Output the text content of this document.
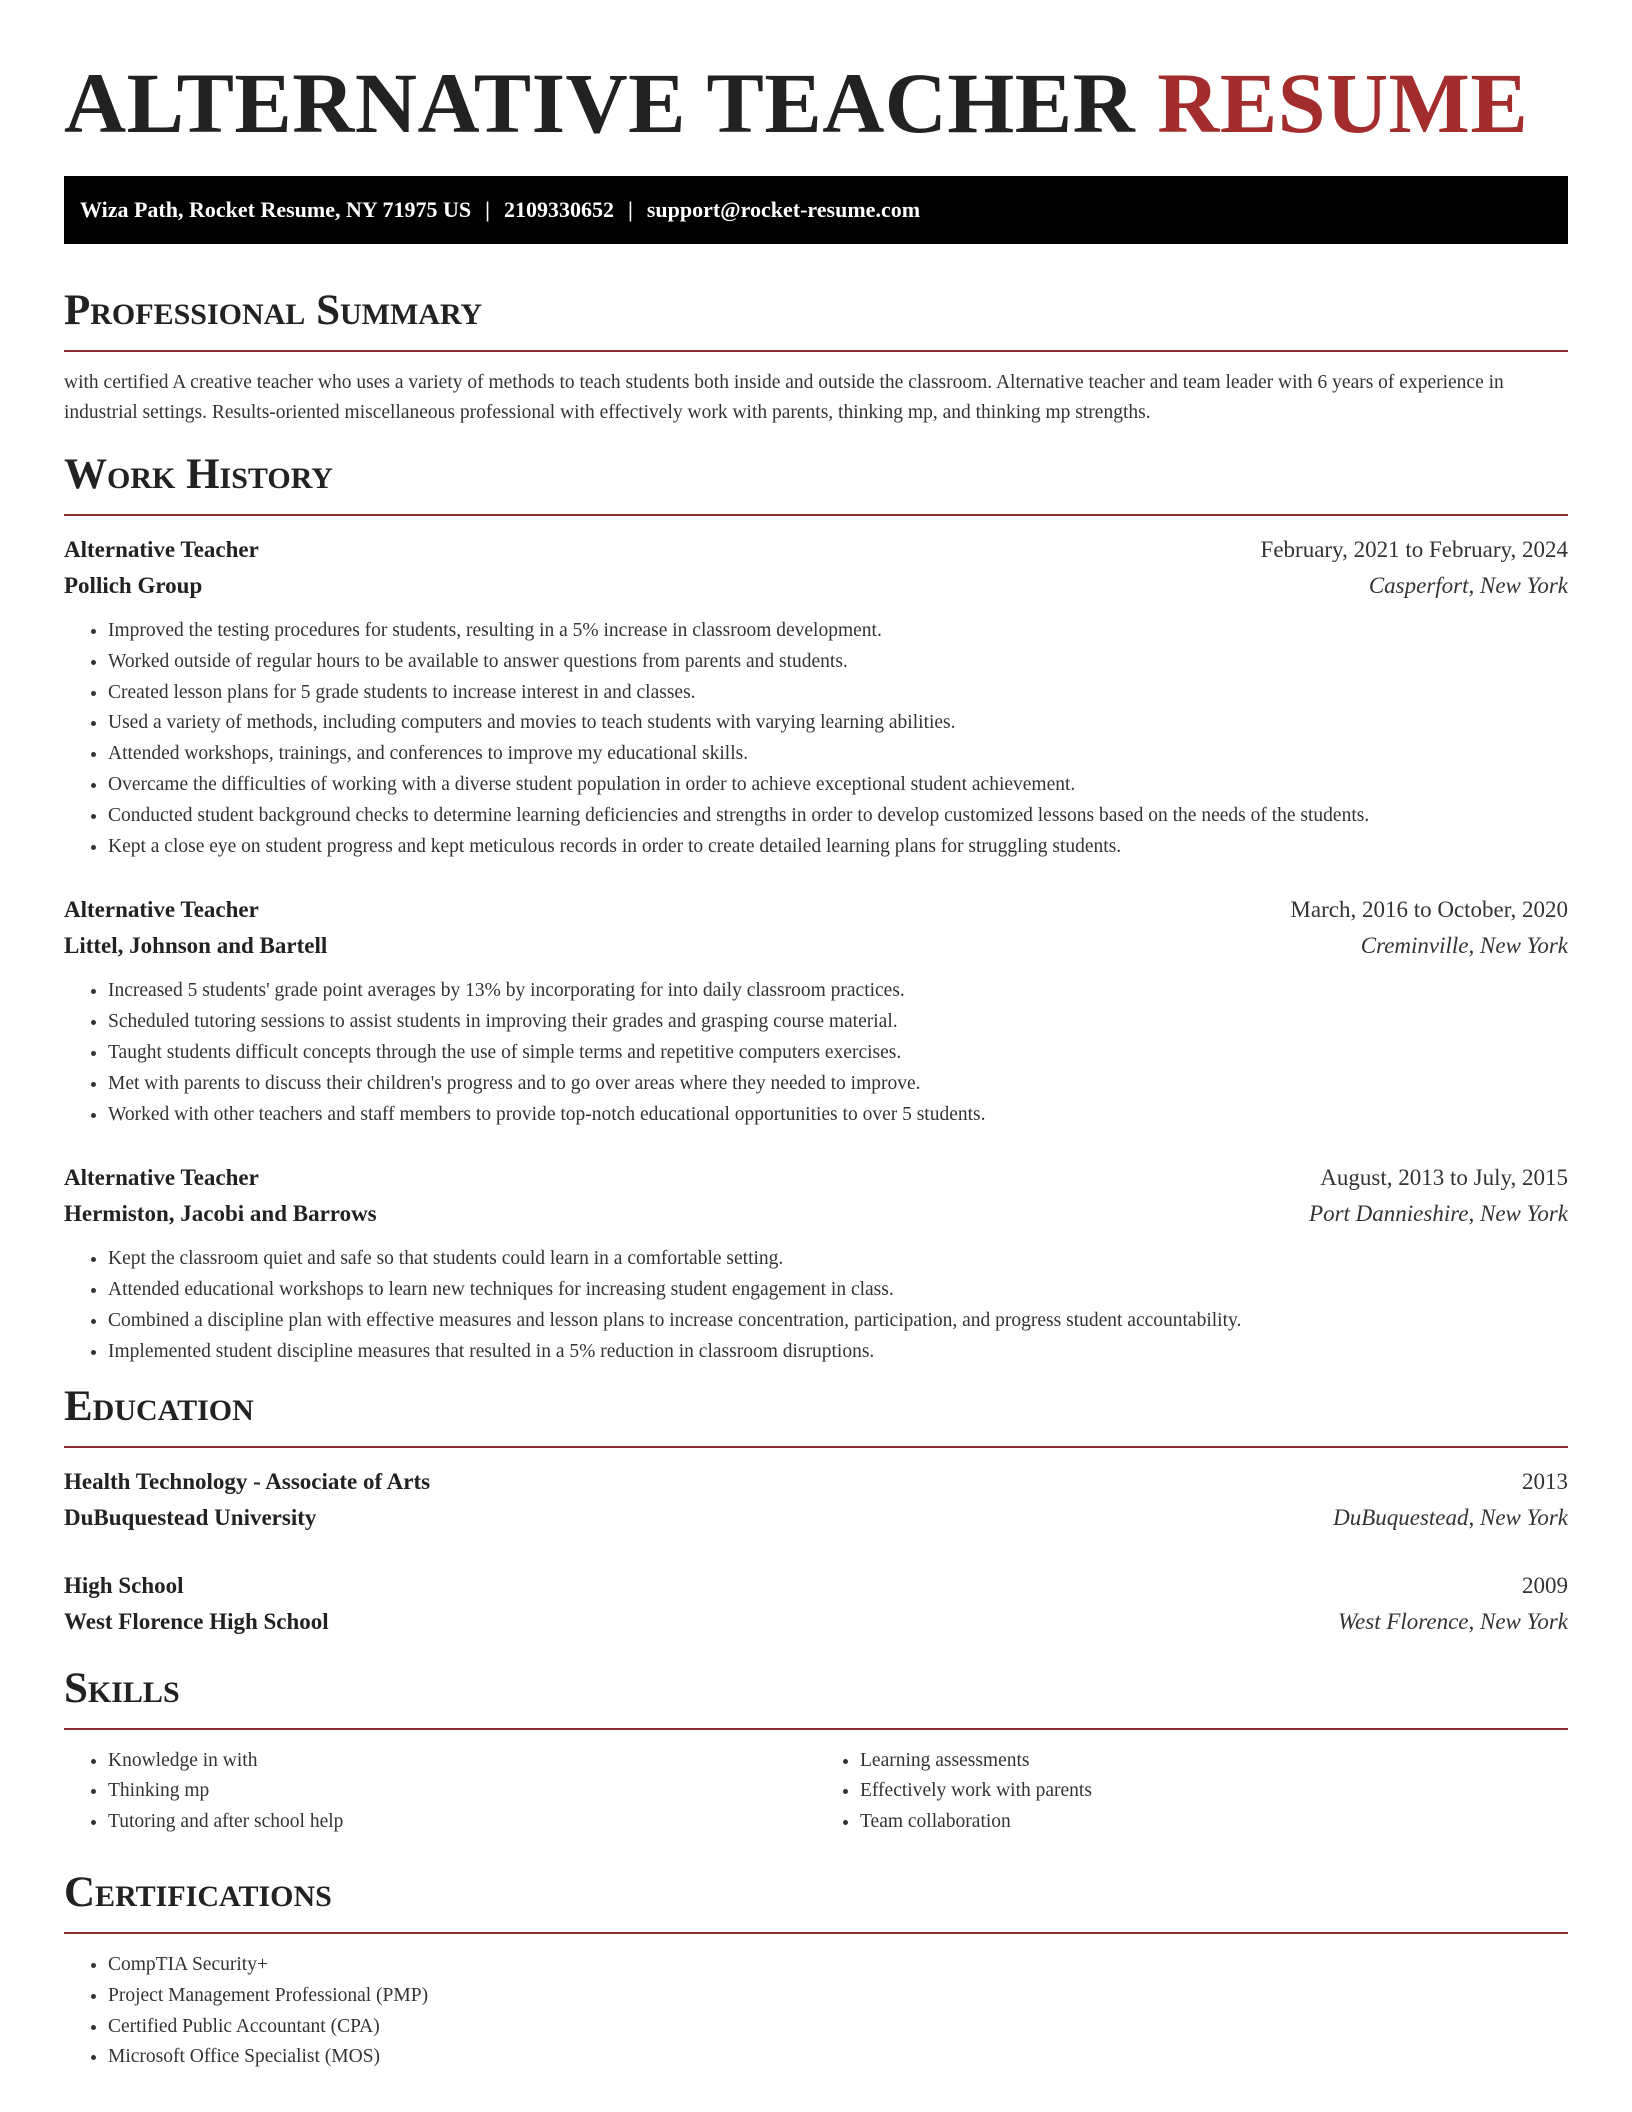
ALTERNATIVE TEACHER RESUME
Wiza Path, Rocket Resume, NY 71975 US | 2109330652 | support@rocket-resume.com
Professional Summary

with certified A creative teacher who uses a variety of methods to teach students both inside and outside the classroom. Alternative teacher and team leader with 6 years of experience in industrial settings. Results-oriented miscellaneous professional with effectively work with parents, thinking mp, and thinking mp strengths.

Work History
Alternative Teacher	February, 2021 to February, 2024
Pollich Group	Casperfort, New York
• Improved the testing procedures for students, resulting in a 5% increase in classroom development.
• Worked outside of regular hours to be available to answer questions from parents and students.
• Created lesson plans for 5 grade students to increase interest in and classes.
• Used a variety of methods, including computers and movies to teach students with varying learning abilities.
• Attended workshops, trainings, and conferences to improve my educational skills.
• Overcame the difficulties of working with a diverse student population in order to achieve exceptional student achievement.
• Conducted student background checks to determine learning deficiencies and strengths in order to develop customized lessons based on the needs of the students.
• Kept a close eye on student progress and kept meticulous records in order to create detailed learning plans for struggling students.
Alternative Teacher	March, 2016 to October, 2020
Littel, Johnson and Bartell	Creminville, New York
• Increased 5 students' grade point averages by 13% by incorporating for into daily classroom practices.
• Scheduled tutoring sessions to assist students in improving their grades and grasping course material.
• Taught students difficult concepts through the use of simple terms and repetitive computers exercises.
• Met with parents to discuss their children's progress and to go over areas where they needed to improve.
• Worked with other teachers and staff members to provide top-notch educational opportunities to over 5 students.
Alternative Teacher	August, 2013 to July, 2015
Hermiston, Jacobi and Barrows	Port Dannieshire, New York
• Kept the classroom quiet and safe so that students could learn in a comfortable setting.
• Attended educational workshops to learn new techniques for increasing student engagement in class.
• Combined a discipline plan with effective measures and lesson plans to increase concentration, participation, and progress student accountability.
• Implemented student discipline measures that resulted in a 5% reduction in classroom disruptions.
Education
Health Technology - Associate of Arts	2013
DuBuquestead University	DuBuquestead, New York
High School	2009
West Florence High School	West Florence, New York
Skills
• Knowledge in with
• Thinking mp
• Tutoring and after school help
• Learning assessments
• Effectively work with parents
• Team collaboration
Certifications
• CompTIA Security+
• Project Management Professional (PMP)
• Certified Public Accountant (CPA)
• Microsoft Office Specialist (MOS)
